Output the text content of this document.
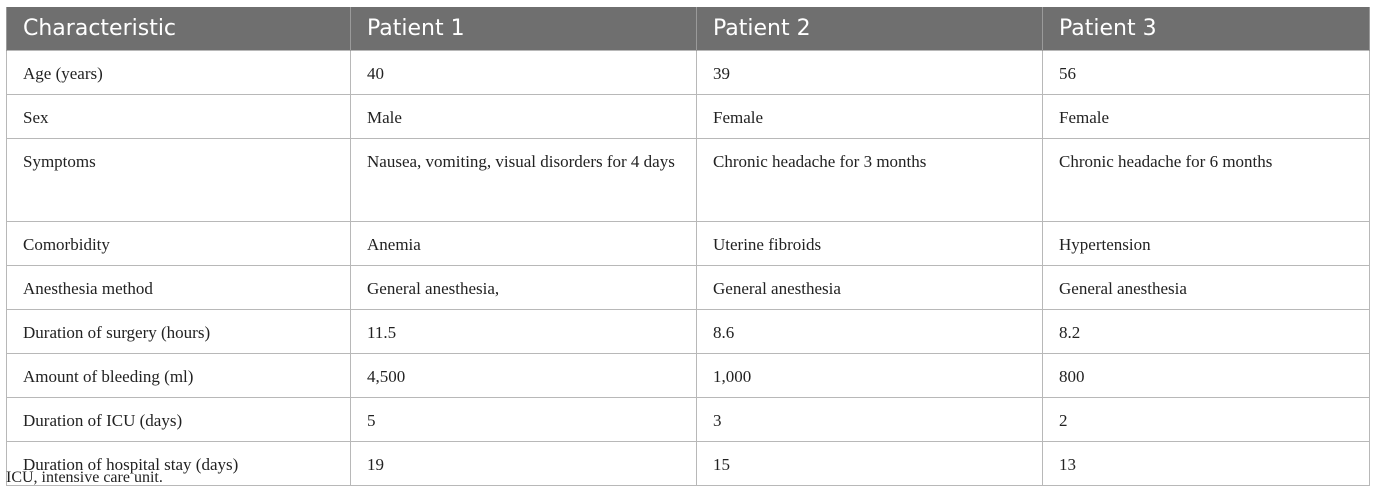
Characteristic	Patient 1	Patient 2	Patient 3
Age (years)	40	39	56
Sex	Male	Female	Female
Symptoms	Nausea, vomiting, visual disorders for 4 days	Chronic headache for 3 months	Chronic headache for 6 months
Comorbidity	Anemia	Uterine fibroids	Hypertension
Anesthesia method	General anesthesia,	General anesthesia	General anesthesia
Duration of surgery (hours)	11.5	8.6	8.2
Amount of bleeding (ml)	4,500	1,000	800
Duration of ICU (days)	5	3	2
Duration of hospital stay (days)	19	15	13

ICU, intensive care unit.
